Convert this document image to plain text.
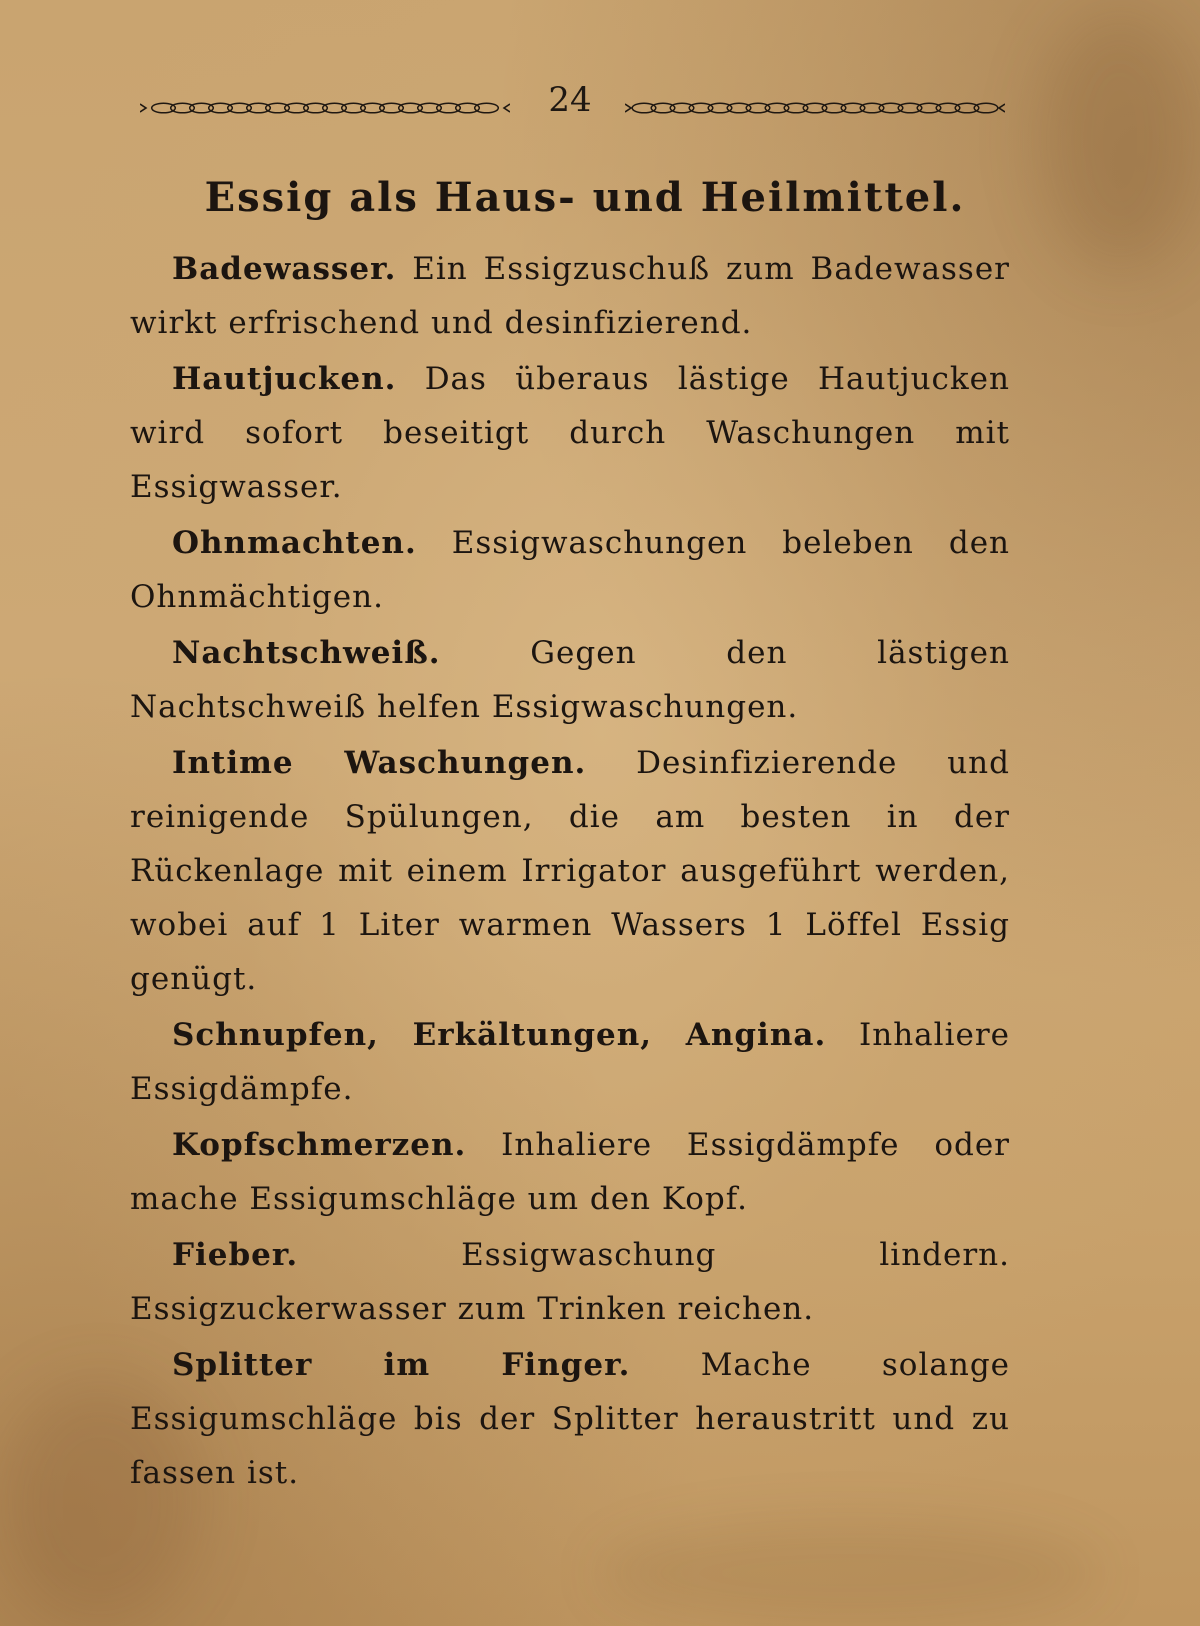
24
Essig als Haus- und Heilmittel.

Badewasser. Ein Essigzuschuß zum Badewasser wirkt erfrischend und desinfizierend.

Hautjucken. Das überaus lästige Hautjucken wird sofort beseitigt durch Waschungen mit Essigwasser.

Ohnmachten. Essigwaschungen beleben den Ohnmächtigen.

Nachtschweiß.	Gegen den lästigen Nachtschweiß helfen Essigwaschungen.

Intime Waschungen. Desinfizierende und reinigende Spülungen, die am besten in der Rückenlage mit einem Irrigator ausgeführt werden, wobei auf 1 Liter warmen Wassers 1 Löffel Essig genügt.

Schnupfen, Erkältungen, Angina. Inhaliere Essigdämpfe.

Kopfschmerzen. Inhaliere Essigdämpfe oder mache Essigumschläge um den Kopf.

Fieber.	Essigwaschung lindern. Essigzuckerwasser zum Trinken reichen.

Splitter im Finger. Mache solange Essigumschläge bis der Splitter heraustritt und zu fassen ist.
